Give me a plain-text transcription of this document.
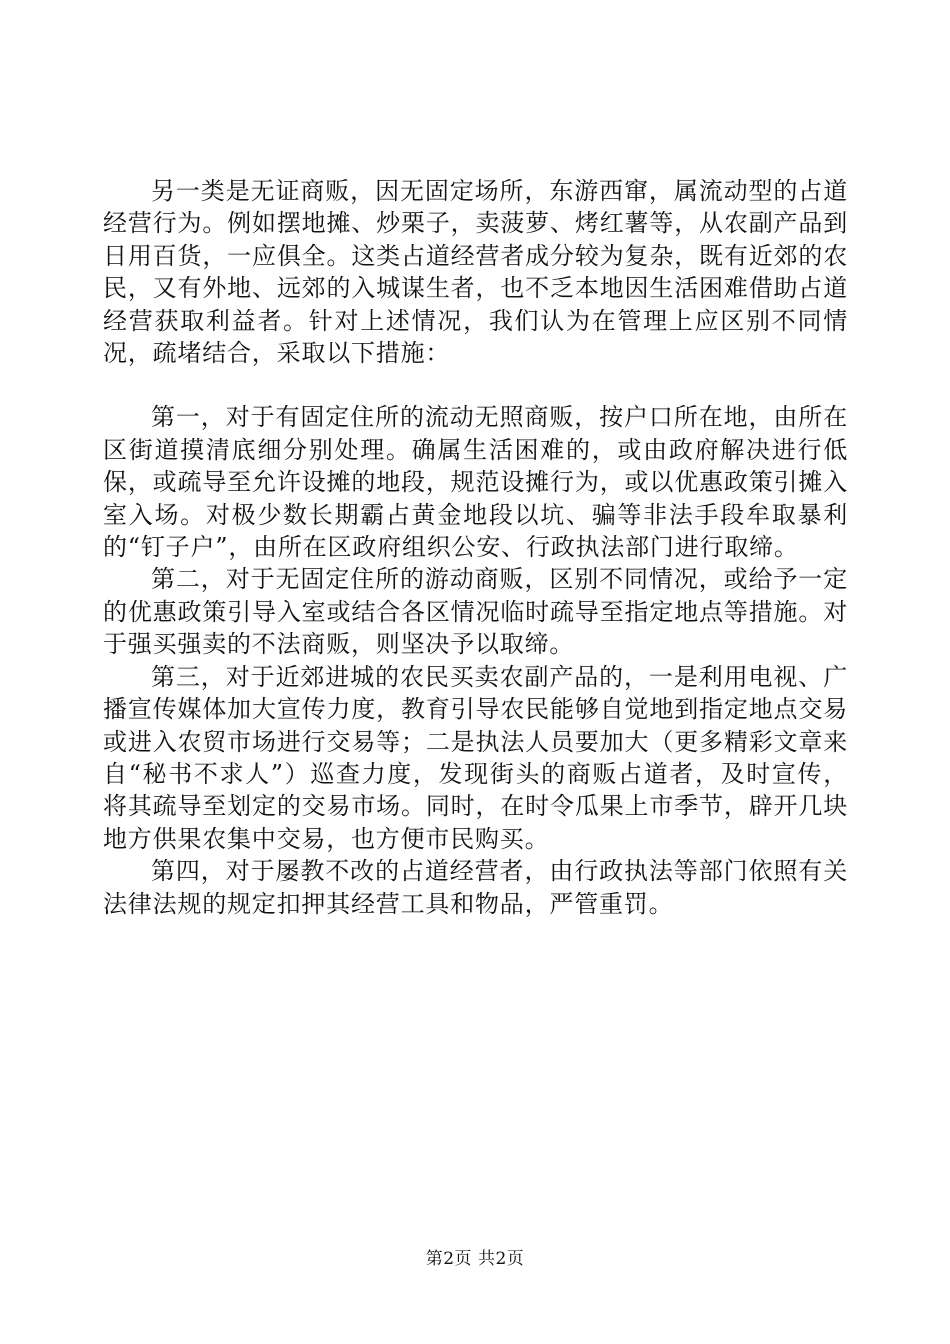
另一类是无证商贩，因无固定场所，东游西窜，属流动型的占道经营行为。例如摆地摊、炒栗子，卖菠萝、烤红薯等，从农副产品到日用百货，一应俱全。这类占道经营者成分较为复杂，既有近郊的农民，又有外地、远郊的入城谋生者，也不乏本地因生活困难借助占道经营获取利益者。针对上述情况，我们认为在管理上应区别不同情况，疏堵结合，采取以下措施：

第一，对于有固定住所的流动无照商贩，按户口所在地，由所在区街道摸清底细分别处理。确属生活困难的，或由政府解决进行低保，或疏导至允许设摊的地段，规范设摊行为，或以优惠政策引摊入室入场。对极少数长期霸占黄金地段以坑、骗等非法手段牟取暴利的“钉子户”，由所在区政府组织公安、行政执法部门进行取缔。

第二，对于无固定住所的游动商贩，区别不同情况，或给予一定的优惠政策引导入室或结合各区情况临时疏导至指定地点等措施。对于强买强卖的不法商贩，则坚决予以取缔。

第三，对于近郊进城的农民买卖农副产品的，一是利用电视、广播宣传媒体加大宣传力度，教育引导农民能够自觉地到指定地点交易或进入农贸市场进行交易等；二是执法人员要加大（更多精彩文章来自“秘书不求人”）巡查力度，发现街头的商贩占道者，及时宣传，将其疏导至划定的交易市场。同时，在时令瓜果上市季节，辟开几块地方供果农集中交易，也方便市民购买。

第四，对于屡教不改的占道经营者，由行政执法等部门依照有关法律法规的规定扣押其经营工具和物品，严管重罚。

第2页 共2页
